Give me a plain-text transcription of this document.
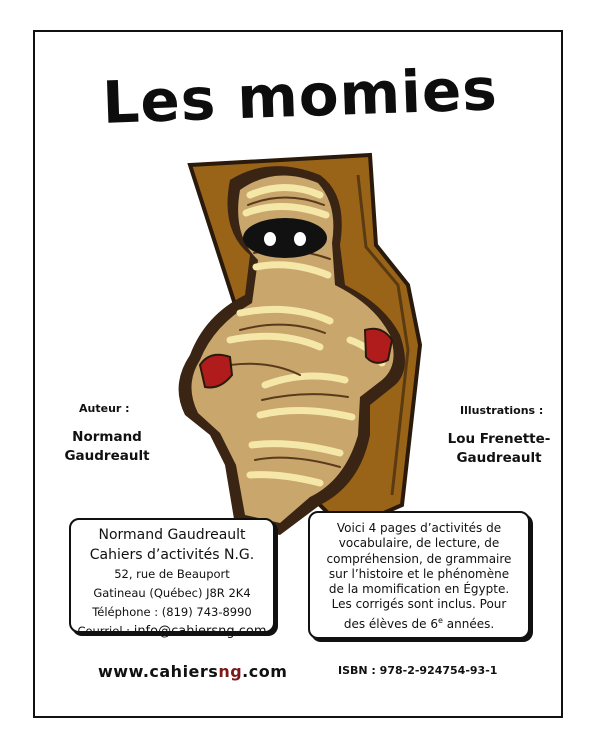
Les momies
Auteur :
Normand
Gaudreault
Illustrations :
Lou Frenette-
Gaudreault
Normand Gaudreault
Cahiers d’activités N.G.
52, rue de Beauport
Gatineau (Québec) J8R 2K4
Téléphone : (819) 743-8990
Courriel : info@cahiersng.com
Voici 4 pages d’activités de
vocabulaire, de lecture, de
compréhension, de grammaire
sur l’histoire et le phénomène
de la momification en Égypte.
Les corrigés sont inclus. Pour
des élèves de 6e années.
www.cahiersng.com	ISBN : 978-2-924754-93-1
